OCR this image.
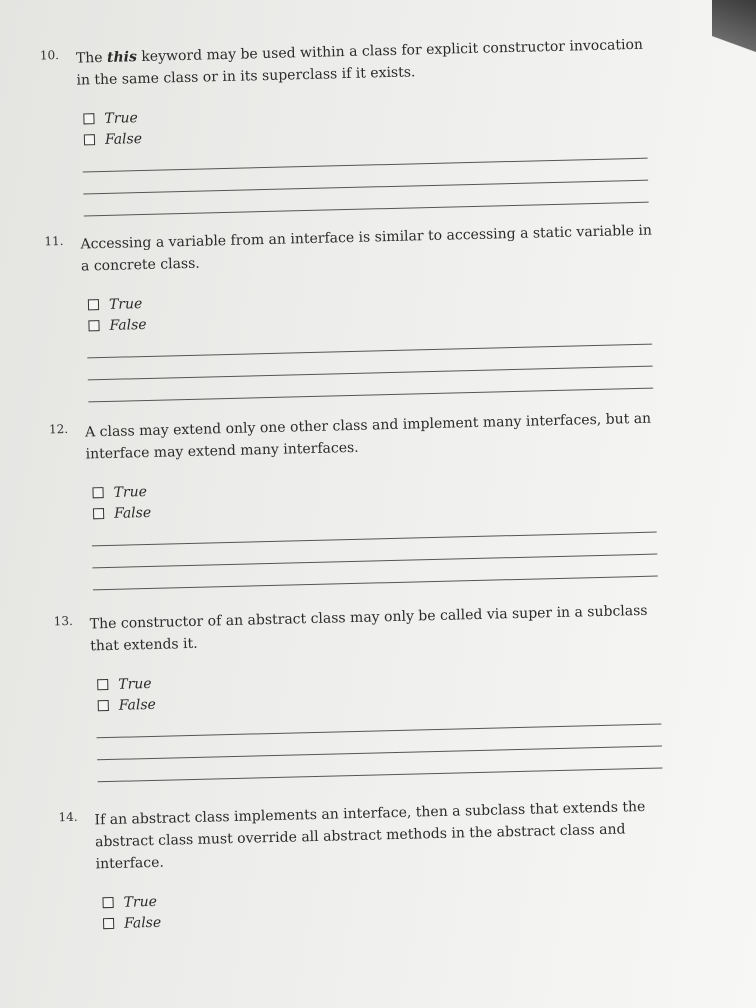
10. The this keyword may be used within a class for explicit constructor invocation in the same class or in its superclass if it exists.
True
False
11. Accessing a variable from an interface is similar to accessing a static variable in a concrete class.
True
False
12. A class may extend only one other class and implement many interfaces, but an interface may extend many interfaces.
True
False
13. The constructor of an abstract class may only be called via super in a subclass that extends it.
True
False
14. If an abstract class implements an interface, then a subclass that extends the abstract class must override all abstract methods in the abstract class and interface.
True
False
